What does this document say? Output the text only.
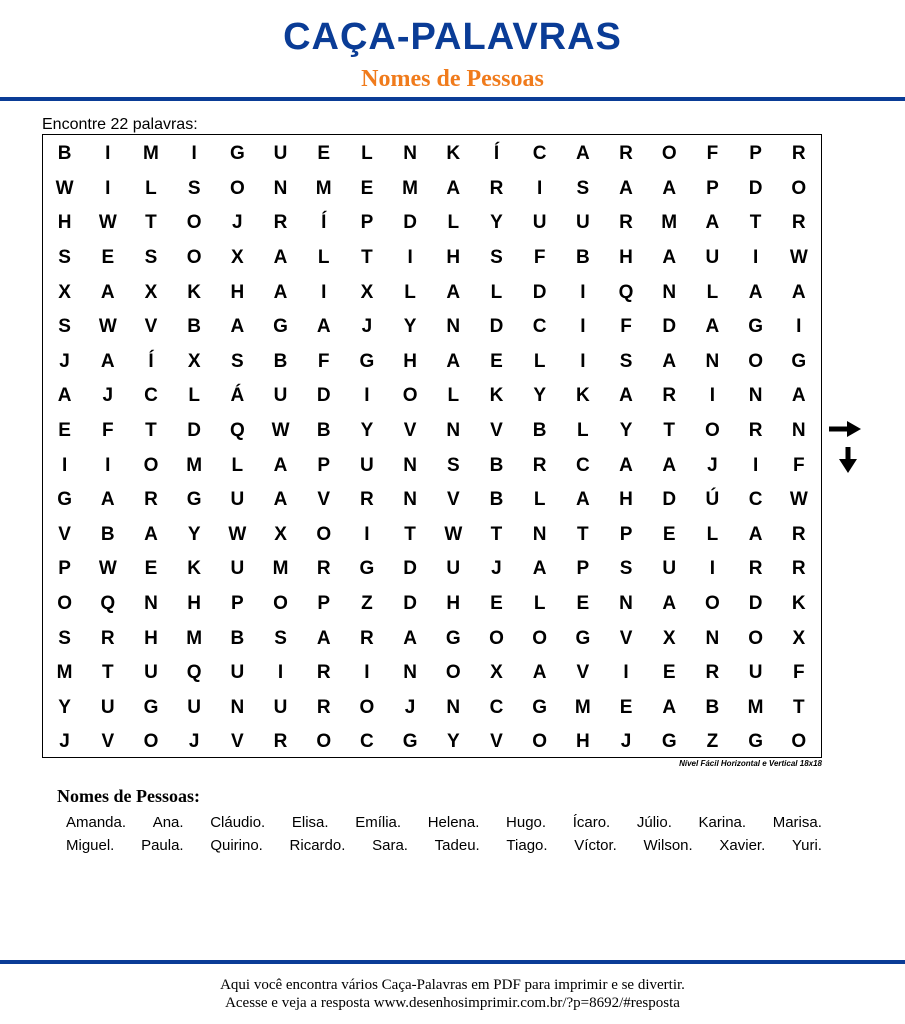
CAÇA-PALAVRAS
Nomes de Pessoas
Encontre 22 palavras:
B	I	M	I	G	U	E	L	N	K	Í	C	A	R	O	F	P	R
W	I	L	S	O	N	M	E	M	A	R	I	S	A	A	P	D	O
H	W	T	O	J	R	Í	P	D	L	Y	U	U	R	M	A	T	R
S	E	S	O	X	A	L	T	I	H	S	F	B	H	A	U	I	W
X	A	X	K	H	A	I	X	L	A	L	D	I	Q	N	L	A	A
S	W	V	B	A	G	A	J	Y	N	D	C	I	F	D	A	G	I
J	A	Í	X	S	B	F	G	H	A	E	L	I	S	A	N	O	G
A	J	C	L	Á	U	D	I	O	L	K	Y	K	A	R	I	N	A
E	F	T	D	Q	W	B	Y	V	N	V	B	L	Y	T	O	R	N
I	I	O	M	L	A	P	U	N	S	B	R	C	A	A	J	I	F
G	A	R	G	U	A	V	R	N	V	B	L	A	H	D	Ú	C	W
V	B	A	Y	W	X	O	I	T	W	T	N	T	P	E	L	A	R
P	W	E	K	U	M	R	G	D	U	J	A	P	S	U	I	R	R
O	Q	N	H	P	O	P	Z	D	H	E	L	E	N	A	O	D	K
S	R	H	M	B	S	A	R	A	G	O	O	G	V	X	N	O	X
M	T	U	Q	U	I	R	I	N	O	X	A	V	I	E	R	U	F
Y	U	G	U	N	U	R	O	J	N	C	G	M	E	A	B	M	T
J	V	O	J	V	R	O	C	G	Y	V	O	H	J	G	Z	G	O
Nível Fácil Horizontal e Vertical 18x18
Nomes de Pessoas:
Amanda. Ana. Cláudio. Elisa. Emília. Helena. Hugo. Ícaro. Júlio. Karina. Marisa.
Miguel. Paula. Quirino. Ricardo. Sara. Tadeu. Tiago. Víctor. Wilson. Xavier. Yuri.
Aqui você encontra vários Caça-Palavras em PDF para imprimir e se divertir.
Acesse e veja a resposta www.desenhosimprimir.com.br/?p=8692/#resposta
